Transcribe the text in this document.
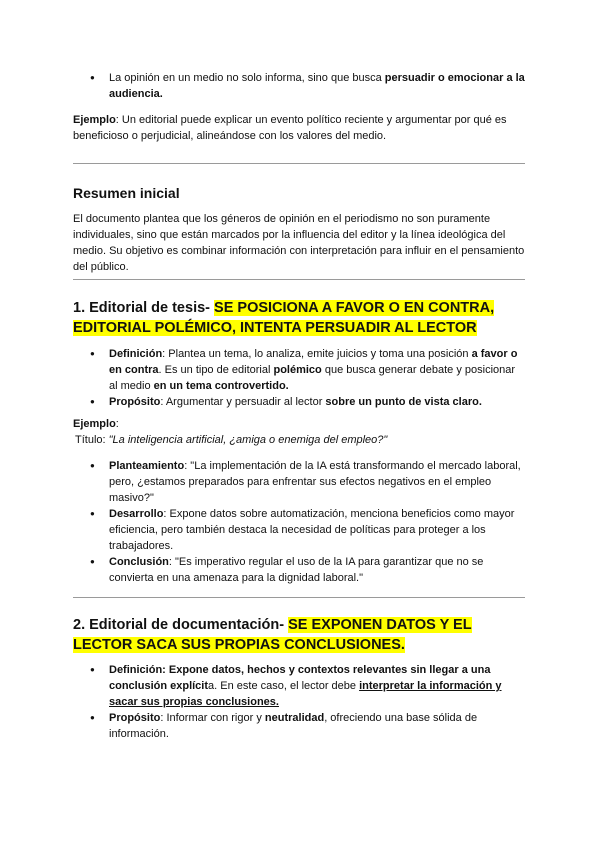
● La opinión en un medio no solo informa, sino que busca persuadir o emocionar a la audiencia.

Ejemplo: Un editorial puede explicar un evento político reciente y argumentar por qué es beneficioso o perjudicial, alineándose con los valores del medio.

Resumen inicial

El documento plantea que los géneros de opinión en el periodismo no son puramente individuales, sino que están marcados por la influencia del editor y la línea ideológica del medio. Su objetivo es combinar información con interpretación para influir en el pensamiento del público.

1. Editorial de tesis- SE POSICIONA A FAVOR O EN CONTRA, EDITORIAL POLÉMICO, INTENTA PERSUADIR AL LECTOR
● Definición: Plantea un tema, lo analiza, emite juicios y toma una posición a favor o en contra. Es un tipo de editorial polémico que busca generar debate y posicionar al medio en un tema controvertido.
● Propósito: Argumentar y persuadir al lector sobre un punto de vista claro.

Ejemplo:

Título: "La inteligencia artificial, ¿amiga o enemiga del empleo?"

● Planteamiento: "La implementación de la IA está transformando el mercado laboral, pero, ¿estamos preparados para enfrentar sus efectos negativos en el empleo masivo?"
● Desarrollo: Expone datos sobre automatización, menciona beneficios como mayor eficiencia, pero también destaca la necesidad de políticas para proteger a los trabajadores.
● Conclusión: "Es imperativo regular el uso de la IA para garantizar que no se convierta en una amenaza para la dignidad laboral."
2. Editorial de documentación- SE EXPONEN DATOS Y EL LECTOR SACA SUS PROPIAS CONCLUSIONES.
● Definición: Expone datos, hechos y contextos relevantes sin llegar a una conclusión explícita. En este caso, el lector debe interpretar la información y sacar sus propias conclusiones.
● Propósito: Informar con rigor y neutralidad, ofreciendo una base sólida de información.
